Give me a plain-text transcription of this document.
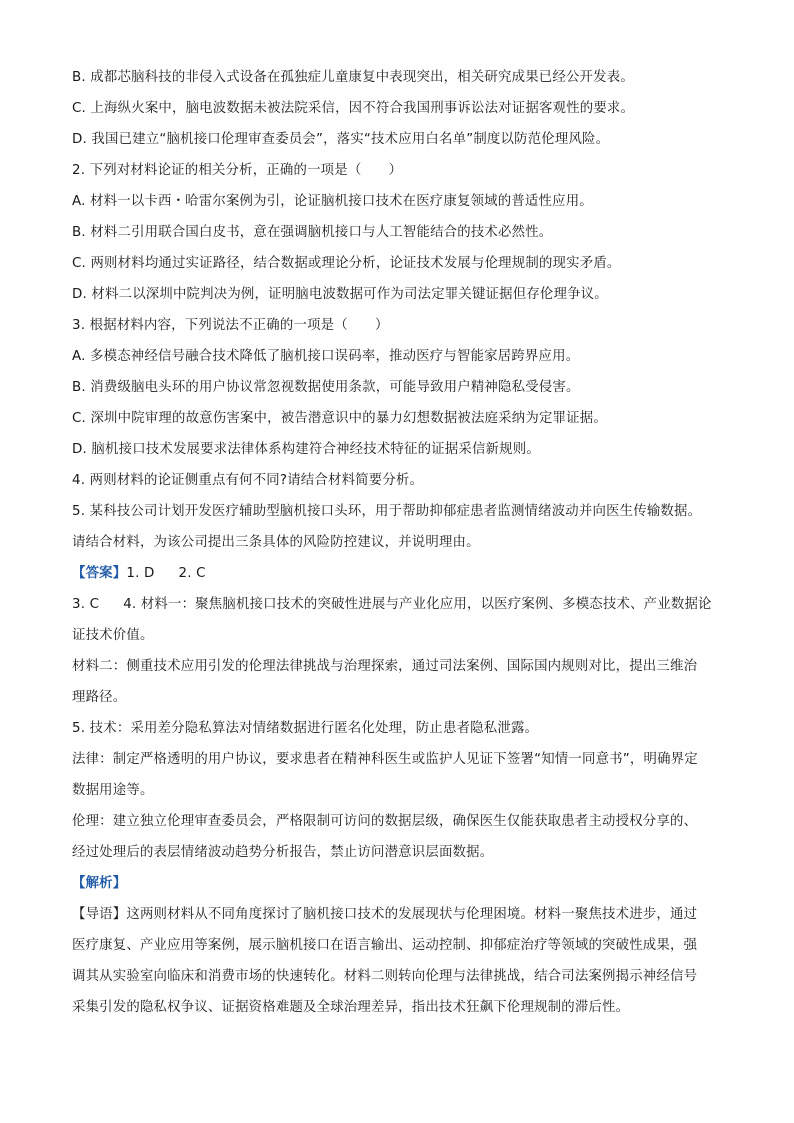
B. 成都芯脑科技的非侵入式设备在孤独症儿童康复中表现突出，相关研究成果已经公开发表。
C. 上海纵火案中，脑电波数据未被法院采信，因不符合我国刑事诉讼法对证据客观性的要求。
D. 我国已建立“脑机接口伦理审查委员会”，落实“技术应用白名单”制度以防范伦理风险。
2. 下列对材料论证的相关分析，正确的一项是（　　）
A. 材料一以卡西・哈雷尔案例为引，论证脑机接口技术在医疗康复领域的普适性应用。
B. 材料二引用联合国白皮书，意在强调脑机接口与人工智能结合的技术必然性。
C. 两则材料均通过实证路径，结合数据或理论分析，论证技术发展与伦理规制的现实矛盾。
D. 材料二以深圳中院判决为例，证明脑电波数据可作为司法定罪关键证据但存伦理争议。
3. 根据材料内容，下列说法不正确的一项是（　　）
A. 多模态神经信号融合技术降低了脑机接口误码率，推动医疗与智能家居跨界应用。
B. 消费级脑电头环的用户协议常忽视数据使用条款，可能导致用户精神隐私受侵害。
C. 深圳中院审理的故意伤害案中，被告潜意识中的暴力幻想数据被法庭采纳为定罪证据。
D. 脑机接口技术发展要求法律体系构建符合神经技术特征的证据采信新规则。
4. 两则材料的论证侧重点有何不同?请结合材料简要分析。
5. 某科技公司计划开发医疗辅助型脑机接口头环，用于帮助抑郁症患者监测情绪波动并向医生传输数据。
请结合材料，为该公司提出三条具体的风险防控建议，并说明理由。
【答案】1. D 2. C
3. C 4. 材料一：聚焦脑机接口技术的突破性进展与产业化应用，以医疗案例、多模态技术、产业数据论
证技术价值。
材料二：侧重技术应用引发的伦理法律挑战与治理探索，通过司法案例、国际国内规则对比，提出三维治
理路径。
5. 技术：采用差分隐私算法对情绪数据进行匿名化处理，防止患者隐私泄露。
法律：制定严格透明的用户协议，要求患者在精神科医生或监护人见证下签署“知情一同意书”，明确界定
数据用途等。
伦理：建立独立伦理审查委员会，严格限制可访问的数据层级，确保医生仅能获取患者主动授权分享的、
经过处理后的表层情绪波动趋势分析报告，禁止访问潜意识层面数据。
【解析】
【导语】这两则材料从不同角度探讨了脑机接口技术的发展现状与伦理困境。材料一聚焦技术进步，通过
医疗康复、产业应用等案例，展示脑机接口在语言输出、运动控制、抑郁症治疗等领域的突破性成果，强
调其从实验室向临床和消费市场的快速转化。材料二则转向伦理与法律挑战，结合司法案例揭示神经信号
采集引发的隐私权争议、证据资格难题及全球治理差异，指出技术狂飙下伦理规制的滞后性。
